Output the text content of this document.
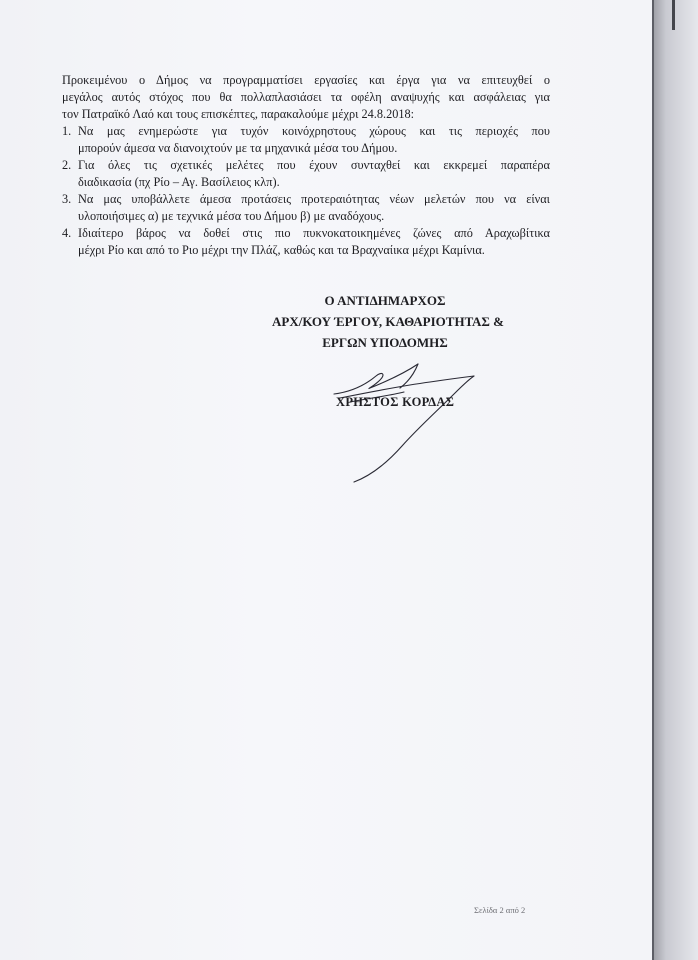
Προκειμένου ο Δήμος να προγραμματίσει εργασίες και έργα για να επιτευχθεί ο
μεγάλος αυτός στόχος που θα πολλαπλασιάσει τα οφέλη αναψυχής και ασφάλειας για
τον Πατραϊκό Λαό και τους επισκέπτες, παρακαλούμε μέχρι 24.8.2018:

1. Να μας ενημερώστε για τυχόν κοινόχρηστους χώρους και τις περιοχές που
μπορούν άμεσα να διανοιχτούν με τα μηχανικά μέσα του Δήμου.
2. Για όλες τις σχετικές μελέτες που έχουν συνταχθεί και εκκρεμεί παραπέρα
διαδικασία (πχ Ρίο – Αγ. Βασίλειος κλπ).
3. Να μας υποβάλλετε άμεσα προτάσεις προτεραιότητας νέων μελετών που να είναι
υλοποιήσιμες α) με τεχνικά μέσα του Δήμου β) με αναδόχους.
4. Ιδιαίτερο βάρος να δοθεί στις πιο πυκνοκατοικημένες ζώνες από Αραχωβίτικα
μέχρι Ρίο και από το Ριο μέχρι την Πλάζ, καθώς και τα Βραχναίικα μέχρι Καμίνια.
Ο ΑΝΤΙΔΗΜΑΡΧΟΣ
ΑΡΧ/ΚΟΥ ΈΡΓΟΥ, ΚΑΘΑΡΙΟΤΗΤΑΣ &
ΕΡΓΩΝ ΥΠΟΔΟΜΗΣ
ΧΡΗΣΤΟΣ ΚΟΡΔΑΣ
Σελίδα 2 από 2
